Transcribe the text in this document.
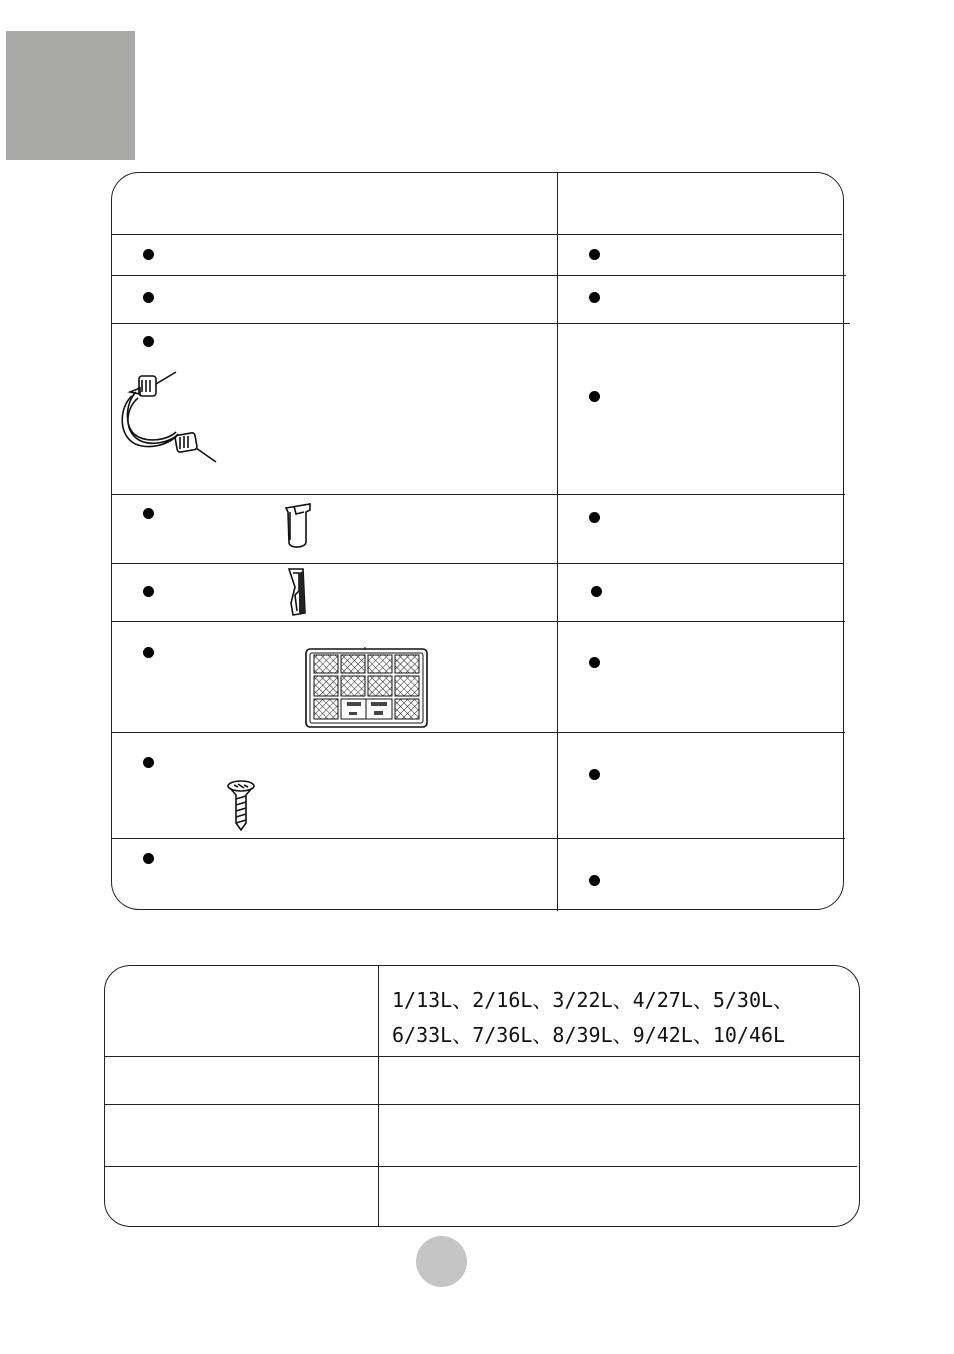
1/13L、2/16L、3/22L、4/27L、5/30L、
6/33L、7/36L、8/39L、9/42L、10/46L
